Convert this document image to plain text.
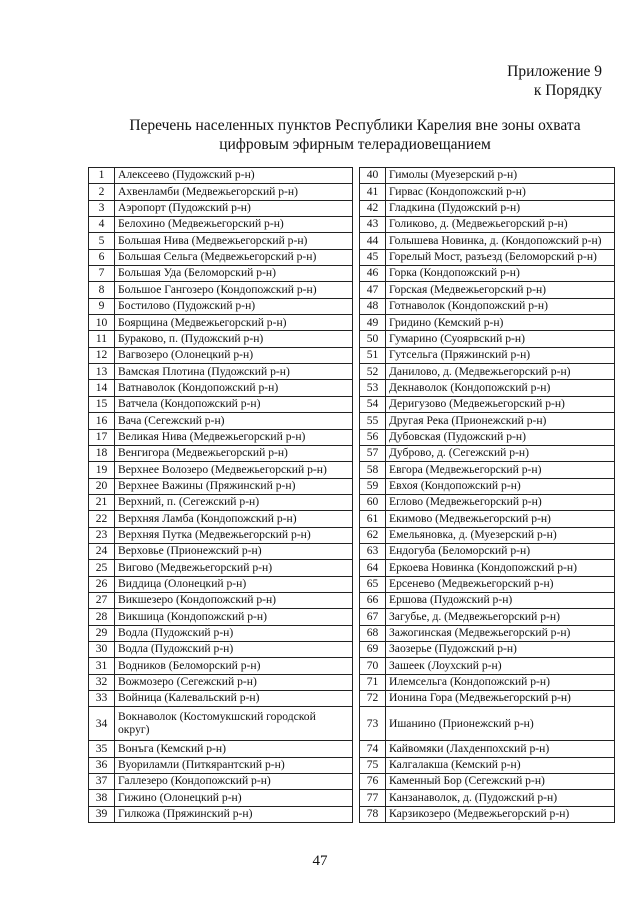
Приложение 9
к Порядку
Перечень населенных пунктов Республики Карелия вне зоны охвата
цифровым эфирным телерадиовещанием
1	Алексеево (Пудожский р-н)
2	Ахвенламби (Медвежьегорский р-н)
3	Аэропорт (Пудожский р-н)
4	Белохино (Медвежьегорский р-н)
5	Большая Нива (Медвежьегорский р-н)
6	Большая Сельга (Медвежьегорский р-н)
7	Большая Уда (Беломорский р-н)
8	Большое Гангозеро (Кондопожский р-н)
9	Бостилово (Пудожский р-н)
10	Боярщина (Медвежьегорский р-н)
11	Бураково, п. (Пудожский р-н)
12	Вагвозеро (Олонецкий р-н)
13	Вамская Плотина (Пудожский р-н)
14	Ватнаволок (Кондопожский р-н)
15	Ватчела (Кондопожский р-н)
16	Вача (Сегежский р-н)
17	Великая Нива (Медвежьегорский р-н)
18	Венгигора (Медвежьегорский р-н)
19	Верхнее Волозеро (Медвежьегорский р-н)
20	Верхнее Важины (Пряжинский р-н)
21	Верхний, п. (Сегежский р-н)
22	Верхняя Ламба (Кондопожский р-н)
23	Верхняя Путка (Медвежьегорский р-н)
24	Верховье (Прионежский р-н)
25	Вигово (Медвежьегорский р-н)
26	Виддица (Олонецкий р-н)
27	Викшезеро (Кондопожский р-н)
28	Викшица (Кондопожский р-н)
29	Водла (Пудожский р-н)
30	Водла (Пудожский р-н)
31	Водников (Беломорский р-н)
32	Вожмозеро (Сегежский р-н)
33	Войница (Калевальский р-н)
34	Вокнаволок (Костомукшский городской округ)
35	Вонъга (Кемский р-н)
36	Вуориламли (Питкярантский р-н)
37	Галлезеро (Кондопожский р-н)
38	Гижино (Олонецкий р-н)
39	Гилкожа (Пряжинский р-н)
40	Гимолы (Муезерский р-н)
41	Гирвас (Кондопожский р-н)
42	Гладкина (Пудожский р-н)
43	Голиково, д. (Медвежьегорский р-н)
44	Голышева Новинка, д. (Кондопожский р-н)
45	Горелый Мост, разъезд (Беломорский р-н)
46	Горка (Кондопожский р-н)
47	Горская (Медвежьегорский р-н)
48	Готнаволок (Кондопожский р-н)
49	Гридино (Кемский р-н)
50	Гумарино (Суоярвский р-н)
51	Гутсельга (Пряжинский р-н)
52	Данилово, д. (Медвежьегорский р-н)
53	Декнаволок (Кондопожский р-н)
54	Деригузово (Медвежьегорский р-н)
55	Другая Река (Прионежский р-н)
56	Дубовская (Пудожский р-н)
57	Дуброво, д. (Сегежский р-н)
58	Евгора (Медвежьегорский р-н)
59	Евхоя (Кондопожский р-н)
60	Еглово (Медвежьегорский р-н)
61	Екимово (Медвежьегорский р-н)
62	Емельяновка, д. (Муезерский р-н)
63	Ендогуба (Беломорский р-н)
64	Еркоева Новинка (Кондопожский р-н)
65	Ерсенево (Медвежьегорский р-н)
66	Ершова (Пудожский р-н)
67	Загубье, д. (Медвежьегорский р-н)
68	Зажогинская (Медвежьегорский р-н)
69	Заозерье (Пудожский р-н)
70	Зашеек (Лоухский р-н)
71	Илемсельга (Кондопожский р-н)
72	Ионина Гора (Медвежьегорский р-н)
73	Ишанино (Прионежский р-н)
74	Кайвомяки (Лахденпохский р-н)
75	Калгалакша (Кемский р-н)
76	Каменный Бор (Сегежский р-н)
77	Канзанаволок, д. (Пудожский р-н)
78	Карзикозеро (Медвежьегорский р-н)
47
